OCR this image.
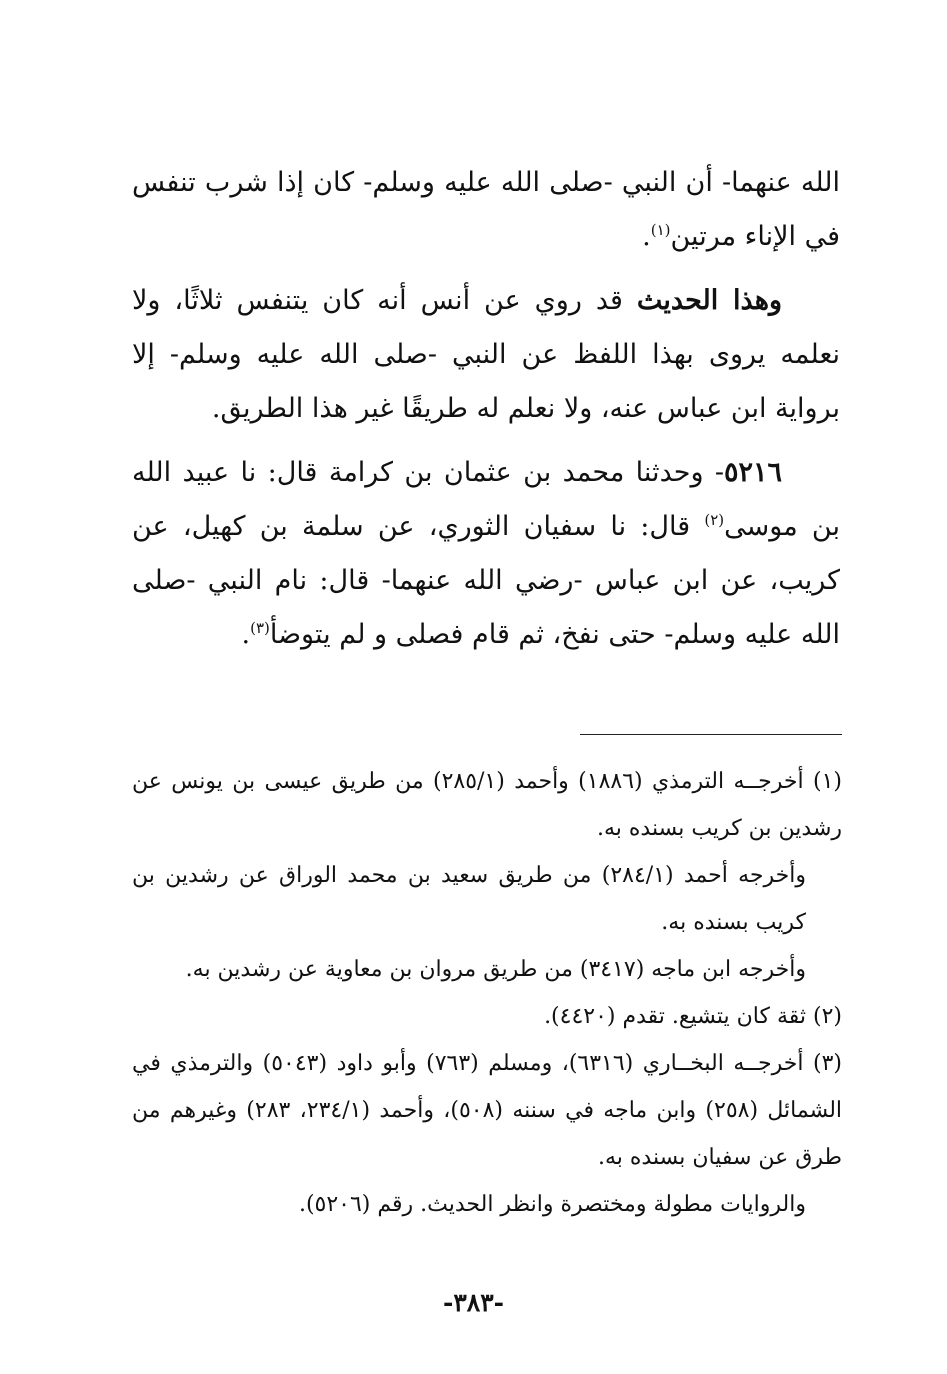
الله عنهما- أن النبي -صلى الله عليه وسلم- كان إذا شرب تنفس في الإناء مرتين$^{(١)}$.

وهذا الحديث قد روي عن أنس أنه كان يتنفس ثلاثًا، ولا نعلمه يروى بهذا اللفظ عن النبي -صلى الله عليه وسلم- إلا برواية ابن عباس عنه، ولا نعلم له طريقًا غير هذا الطريق.

٥٢١٦- وحدثنا محمد بن عثمان بن كرامة قال: نا عبيد الله بن موسى$^{(٢)}$ قال: نا سفيان الثوري، عن سلمة بن كهيل، عن كريب، عن ابن عباس -رضي الله عنهما- قال: نام النبي -صلى الله عليه وسلم- حتى نفخ، ثم قام فصلى و لم يتوضأ$^{(٣)}$.

(١) أخرجــه الترمذي (١٨٨٦) وأحمد (٢٨٥/١) من طريق عيسى بن يونس عن رشدين بن كريب بسنده به.

وأخرجه أحمد (٢٨٤/١) من طريق سعيد بن محمد الوراق عن رشدين بن كريب بسنده به.

وأخرجه ابن ماجه (٣٤١٧) من طريق مروان بن معاوية عن رشدين به.

(٢) ثقة كان يتشيع. تقدم (٤٤٢٠).

(٣) أخرجــه البخــاري (٦٣١٦)، ومسلم (٧٦٣) وأبو داود (٥٠٤٣) والترمذي في الشمائل (٢٥٨) وابن ماجه في سننه (٥٠٨)، وأحمد (٢٣٤/١، ٢٨٣) وغيرهم من طرق عن سفيان بسنده به.

والروايات مطولة ومختصرة وانظر الحديث. رقم (٥٢٠٦).

-٣٨٣-
